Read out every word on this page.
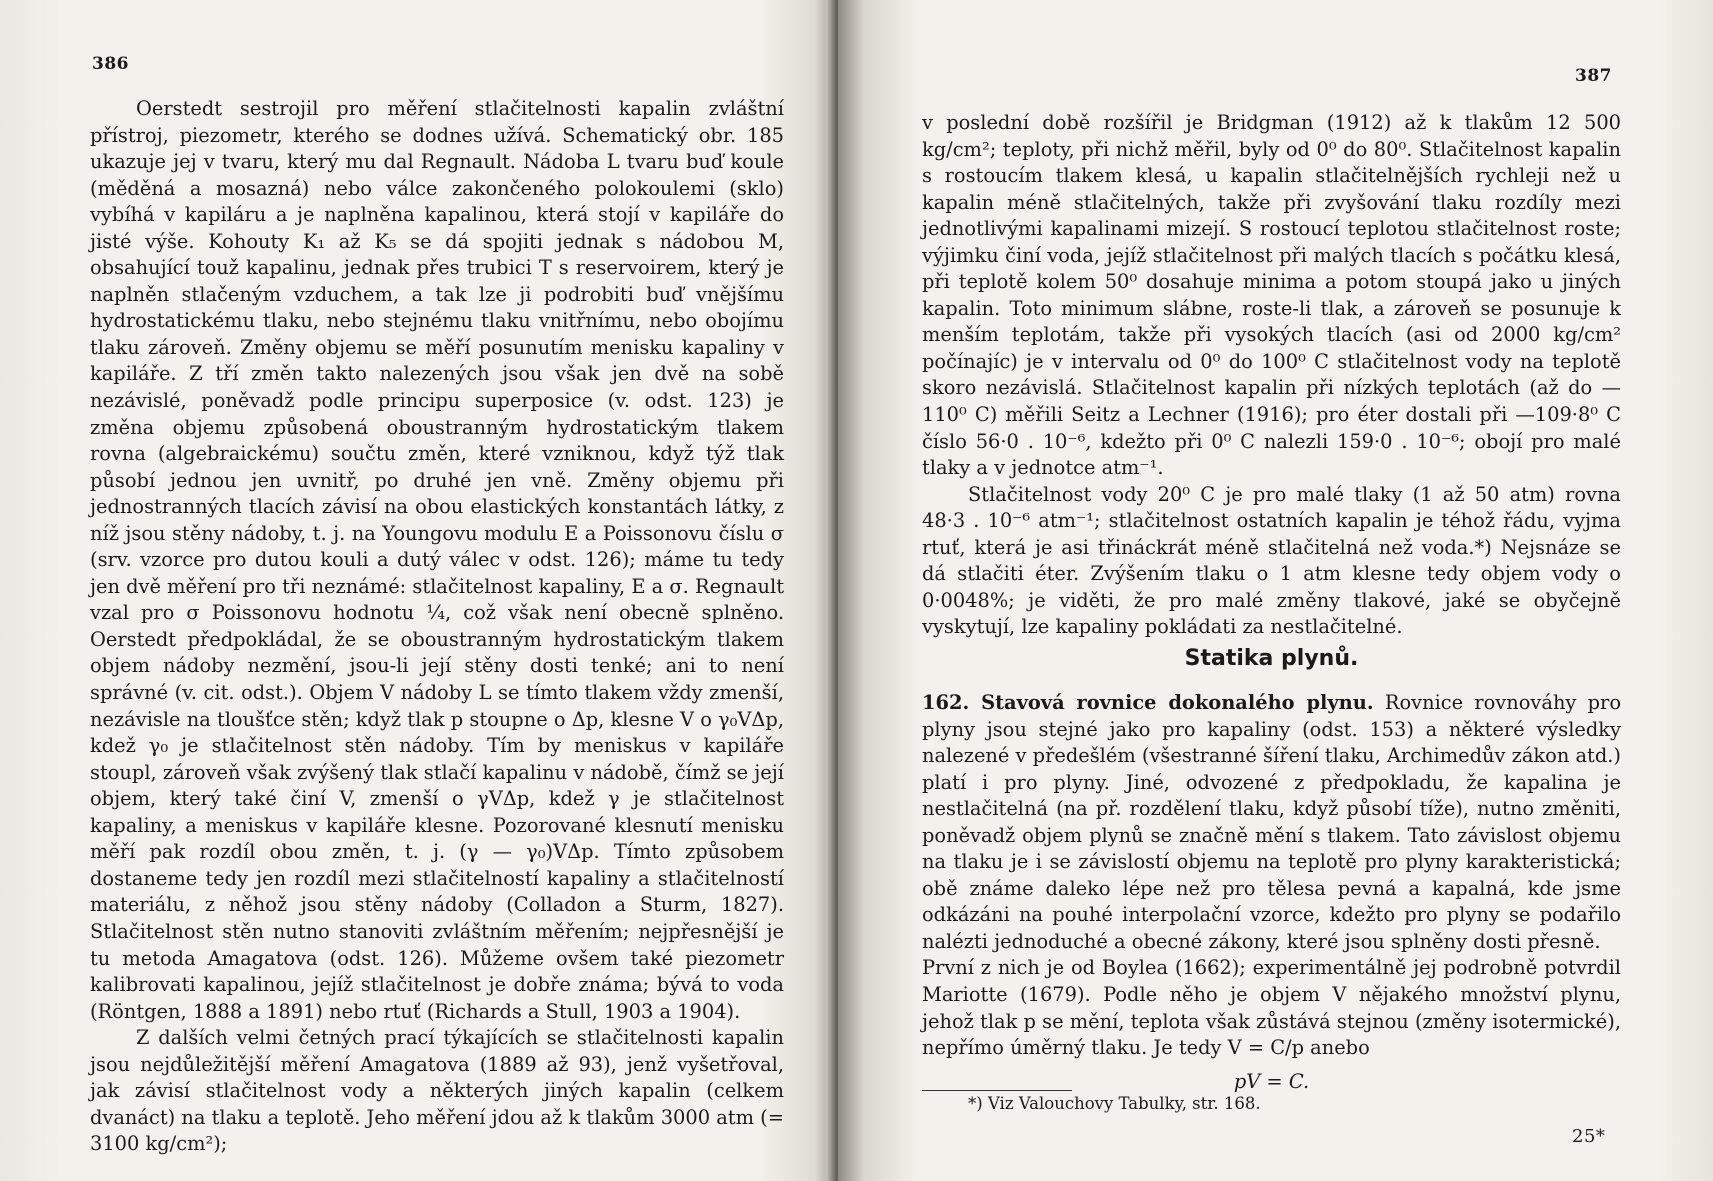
386

Oerstedt sestrojil pro měření stlačitelnosti kapalin zvláštní přístroj, piezometr, kterého se dodnes užívá. Schematický obr. 185 ukazuje jej v tvaru, který mu dal Regnault. Nádoba L tvaru buď koule (měděná a mosazná) nebo válce zakončeného polokoulemi (sklo) vybíhá v kapiláru a je naplněna kapalinou, která stojí v kapiláře do jisté výše. Kohouty K₁ až K₅ se dá spojiti jednak s nádobou M, obsahující touž kapalinu, jednak přes trubici T s reservoirem, který je naplněn stlačeným vzduchem, a tak lze ji podrobiti buď vnějšímu hydrostatickému tlaku, nebo stejnému tlaku vnitřnímu, nebo obojímu tlaku zároveň. Změny objemu se měří posunutím menisku kapaliny v kapiláře. Z tří změn takto nalezených jsou však jen dvě na sobě nezávislé, poněvadž podle principu superposice (v. odst. 123) je změna objemu způsobená oboustranným hydrostatickým tlakem rovna (algebraickému) součtu změn, které vzniknou, když týž tlak působí jednou jen uvnitř, po druhé jen vně. Změny objemu při jednostranných tlacích závisí na obou elastických konstantách látky, z níž jsou stěny nádoby, t. j. na Youngovu modulu E a Poissonovu číslu σ (srv. vzorce pro dutou kouli a dutý válec v odst. 126); máme tu tedy jen dvě měření pro tři neznámé: stlačitelnost kapaliny, E a σ. Regnault vzal pro σ Poissonovu hodnotu ¼, což však není obecně splněno. Oerstedt předpokládal, že se oboustranným hydrostatickým tlakem objem nádoby nezmění, jsou-li její stěny dosti tenké; ani to není správné (v. cit. odst.). Objem V nádoby L se tímto tlakem vždy zmenší, nezávisle na tloušťce stěn; když tlak p stoupne o Δp, klesne V o γ₀VΔp, kdež γ₀ je stlačitelnost stěn nádoby. Tím by meniskus v kapiláře stoupl, zároveň však zvýšený tlak stlačí kapalinu v nádobě, čímž se její objem, který také činí V, zmenší o γVΔp, kdež γ je stlačitelnost kapaliny, a meniskus v kapiláře klesne. Pozorované klesnutí menisku měří pak rozdíl obou změn, t. j. (γ — γ₀)VΔp. Tímto způsobem dostaneme tedy jen rozdíl mezi stlačitelností kapaliny a stlačitelností materiálu, z něhož jsou stěny nádoby (Colladon a Sturm, 1827). Stlačitelnost stěn nutno stanoviti zvláštním měřením; nejpřesnější je tu metoda Amagatova (odst. 126). Můžeme ovšem také piezometr kalibrovati kapalinou, jejíž stlačitelnost je dobře známa; bývá to voda (Röntgen, 1888 a 1891) nebo rtuť (Richards a Stull, 1903 a 1904).

Z dalších velmi četných prací týkajících se stlačitelnosti kapalin jsou nejdůležitější měření Amagatova (1889 až 93), jenž vyšetřoval, jak závisí stlačitelnost vody a některých jiných kapalin (celkem dvanáct) na tlaku a teplotě. Jeho měření jdou až k tlakům 3000 atm (= 3100 kg/cm²);

387

v poslední době rozšířil je Bridgman (1912) až k tlakům 12 500 kg/cm²; teploty, při nichž měřil, byly od 0⁰ do 80⁰. Stlačitelnost kapalin s rostoucím tlakem klesá, u kapalin stlačitelnějších rychleji než u kapalin méně stlačitelných, takže při zvyšování tlaku rozdíly mezi jednotlivými kapalinami mizejí. S rostoucí teplotou stlačitelnost roste; výjimku činí voda, jejíž stlačitelnost při malých tlacích s počátku klesá, při teplotě kolem 50⁰ dosahuje minima a potom stoupá jako u jiných kapalin. Toto minimum slábne, roste-li tlak, a zároveň se posunuje k menším teplotám, takže při vysokých tlacích (asi od 2000 kg/cm² počínajíc) je v intervalu od 0⁰ do 100⁰ C stlačitelnost vody na teplotě skoro nezávislá. Stlačitelnost kapalin při nízkých teplotách (až do —110⁰ C) měřili Seitz a Lechner (1916); pro éter dostali při —109·8⁰ C číslo 56·0 . 10⁻⁶, kdežto při 0⁰ C nalezli 159·0 . 10⁻⁶; obojí pro malé tlaky a v jednotce atm⁻¹.

Stlačitelnost vody 20⁰ C je pro malé tlaky (1 až 50 atm) rovna 48·3 . 10⁻⁶ atm⁻¹; stlačitelnost ostatních kapalin je téhož řádu, vyjma rtuť, která je asi třináckrát méně stlačitelná než voda.*) Nejsnáze se dá stlačiti éter. Zvýšením tlaku o 1 atm klesne tedy objem vody o 0·0048%; je viděti, že pro malé změny tlakové, jaké se obyčejně vyskytují, lze kapaliny pokládati za nestlačitelné.

Statika plynů.

162. Stavová rovnice dokonalého plynu. Rovnice rovnováhy pro plyny jsou stejné jako pro kapaliny (odst. 153) a některé výsledky nalezené v předešlém (všestranné šíření tlaku, Archimedův zákon atd.) platí i pro plyny. Jiné, odvozené z předpokladu, že kapalina je nestlačitelná (na př. rozdělení tlaku, když působí tíže), nutno změniti, poněvadž objem plynů se značně mění s tlakem. Tato závislost objemu na tlaku je i se závislostí objemu na teplotě pro plyny karakteristická; obě známe daleko lépe než pro tělesa pevná a kapalná, kde jsme odkázáni na pouhé interpolační vzorce, kdežto pro plyny se podařilo nalézti jednoduché a obecné zákony, které jsou splněny dosti přesně.

První z nich je od Boylea (1662); experimentálně jej podrobně potvrdil Mariotte (1679). Podle něho je objem V nějakého množství plynu, jehož tlak p se mění, teplota však zůstává stejnou (změny isotermické), nepřímo úměrný tlaku. Je tedy V = C/p anebo

pV = C.
*) Viz Valouchovy Tabulky, str. 168.
25*
